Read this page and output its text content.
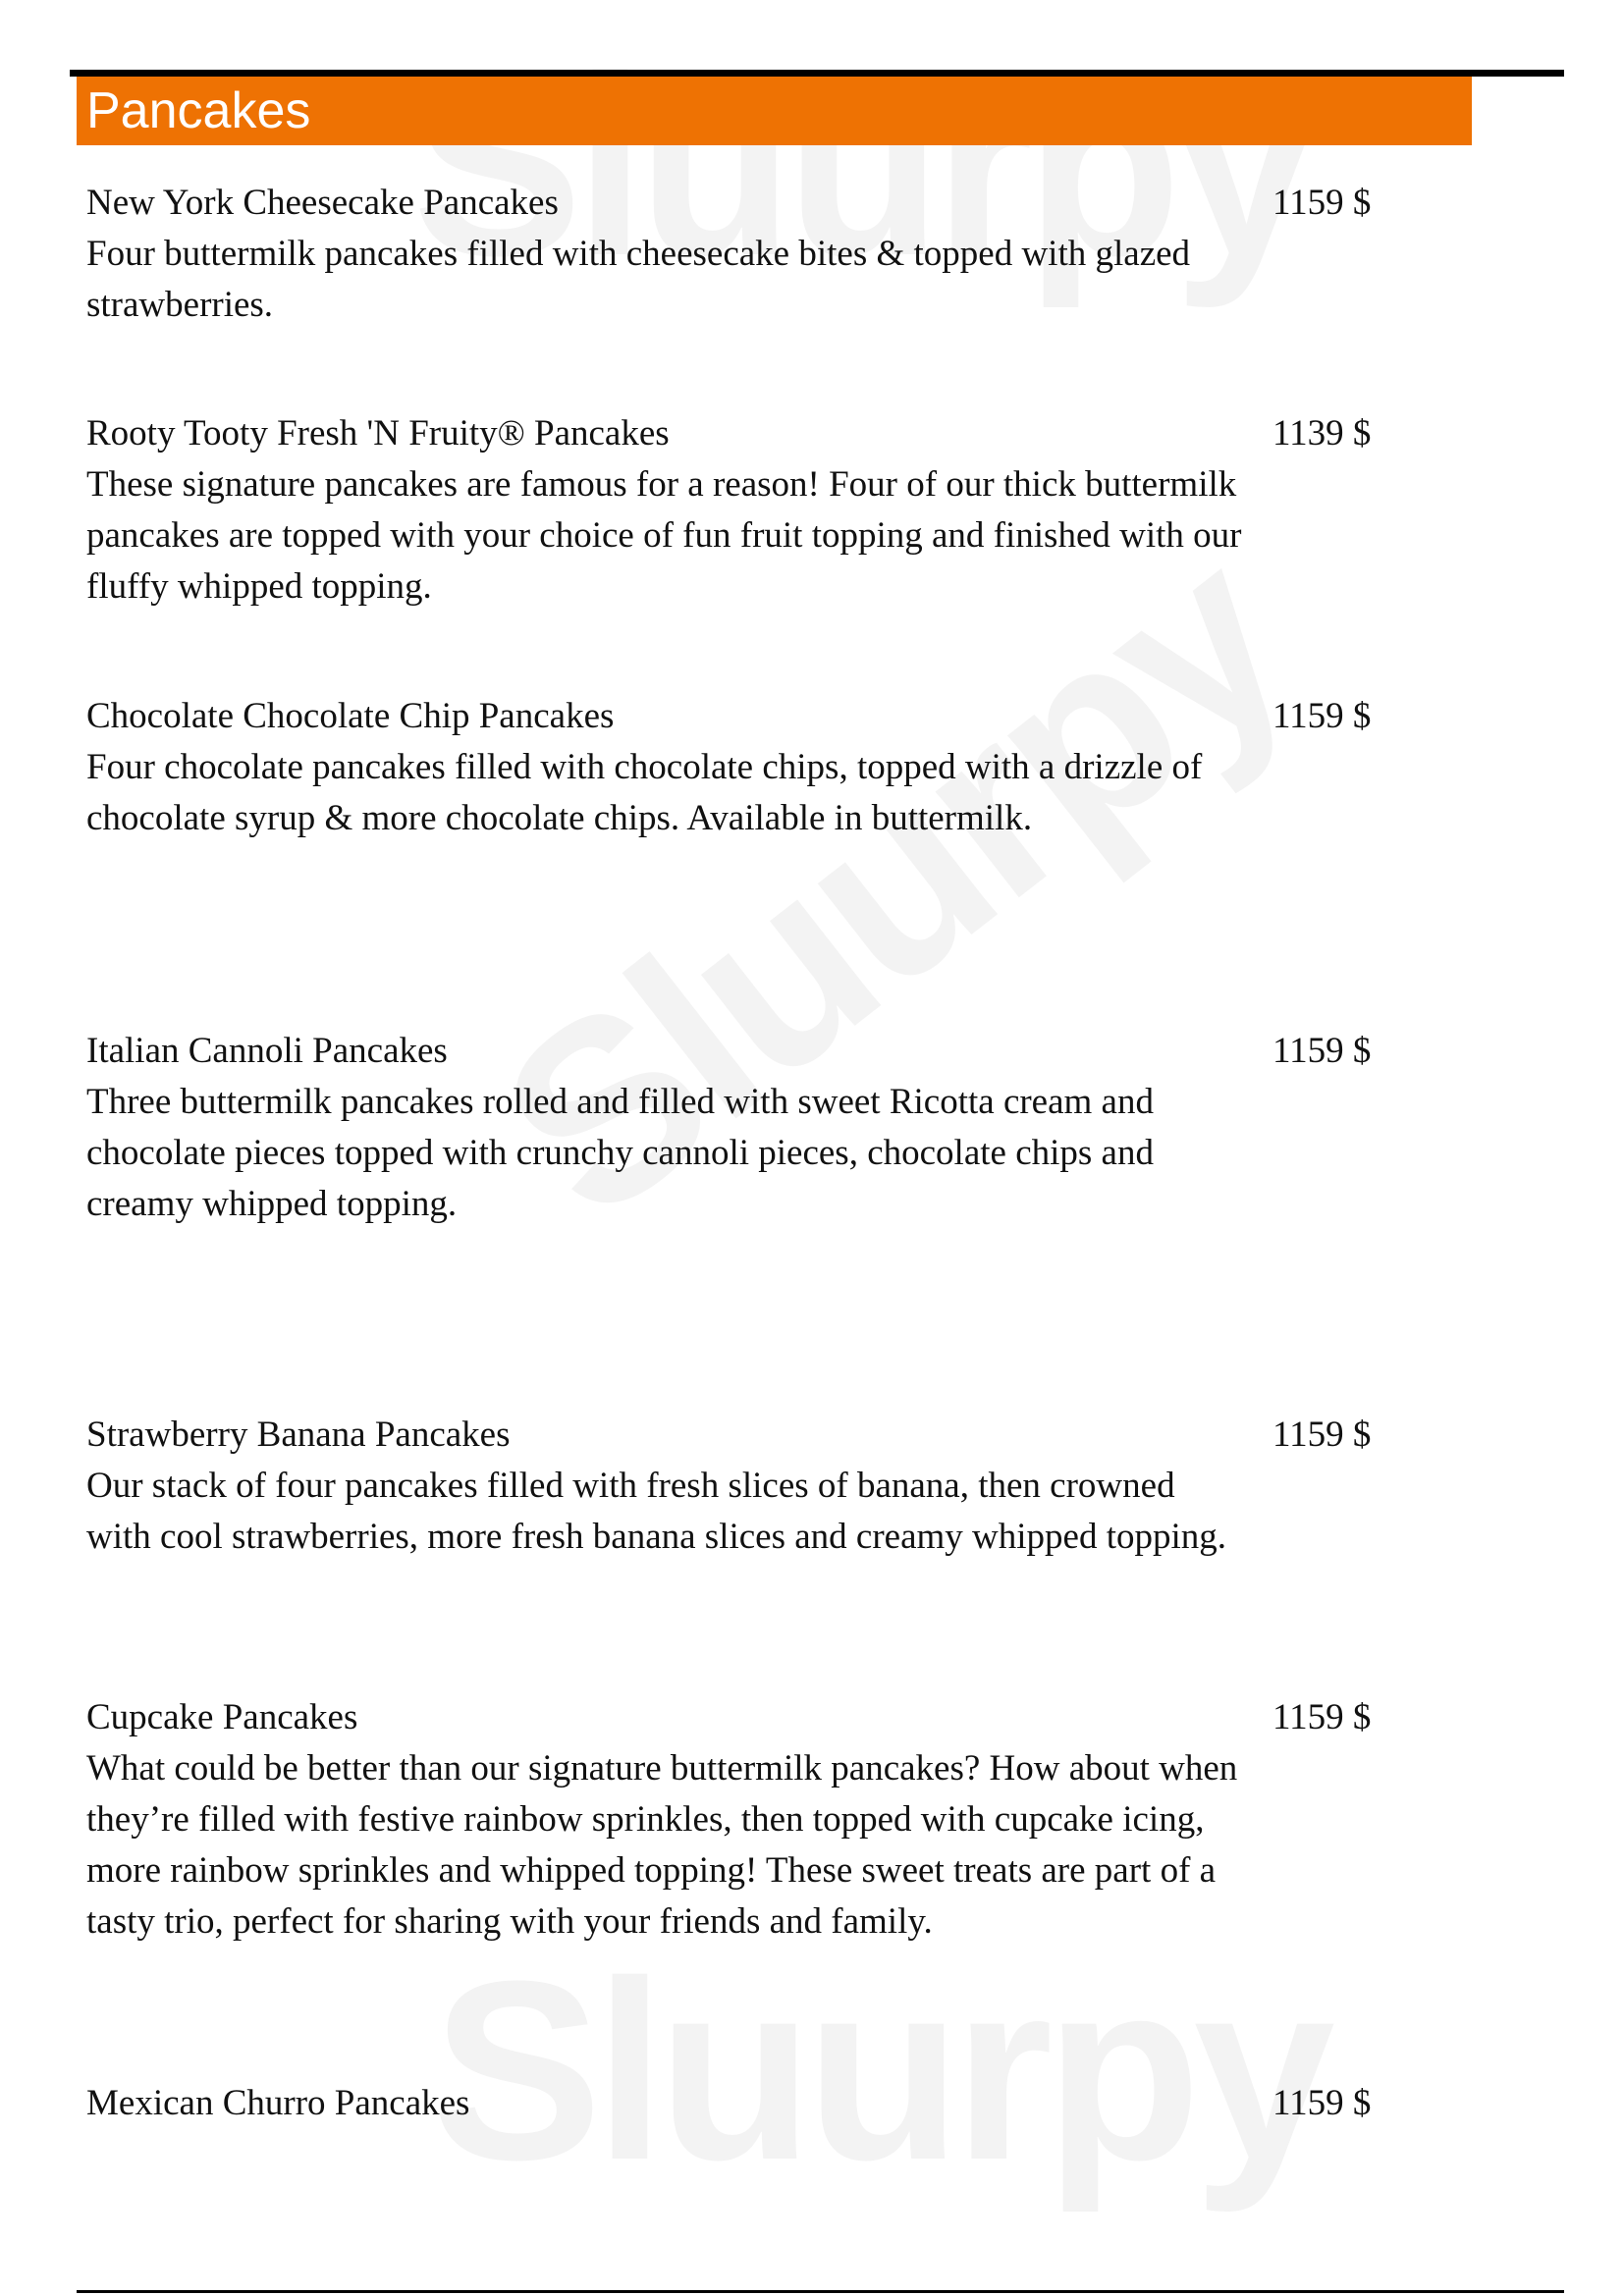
Pancakes
New York Cheesecake Pancakes	1159 $
Four buttermilk pancakes filled with cheesecake bites & topped with glazed strawberries.
Rooty Tooty Fresh 'N Fruity® Pancakes	1139 $
These signature pancakes are famous for a reason! Four of our thick buttermilk pancakes are topped with your choice of fun fruit topping and finished with our fluffy whipped topping.
Chocolate Chocolate Chip Pancakes	1159 $
Four chocolate pancakes filled with chocolate chips, topped with a drizzle of chocolate syrup & more chocolate chips. Available in buttermilk.
Italian Cannoli Pancakes	1159 $
Three buttermilk pancakes rolled and filled with sweet Ricotta cream and chocolate pieces topped with crunchy cannoli pieces, chocolate chips and creamy whipped topping.
Strawberry Banana Pancakes	1159 $
Our stack of four pancakes filled with fresh slices of banana, then crowned with cool strawberries, more fresh banana slices and creamy whipped topping.
Cupcake Pancakes	1159 $
What could be better than our signature buttermilk pancakes? How about when they’re filled with festive rainbow sprinkles, then topped with cupcake icing, more rainbow sprinkles and whipped topping! These sweet treats are part of a tasty trio, perfect for sharing with your friends and family.
Mexican Churro Pancakes	1159 $
